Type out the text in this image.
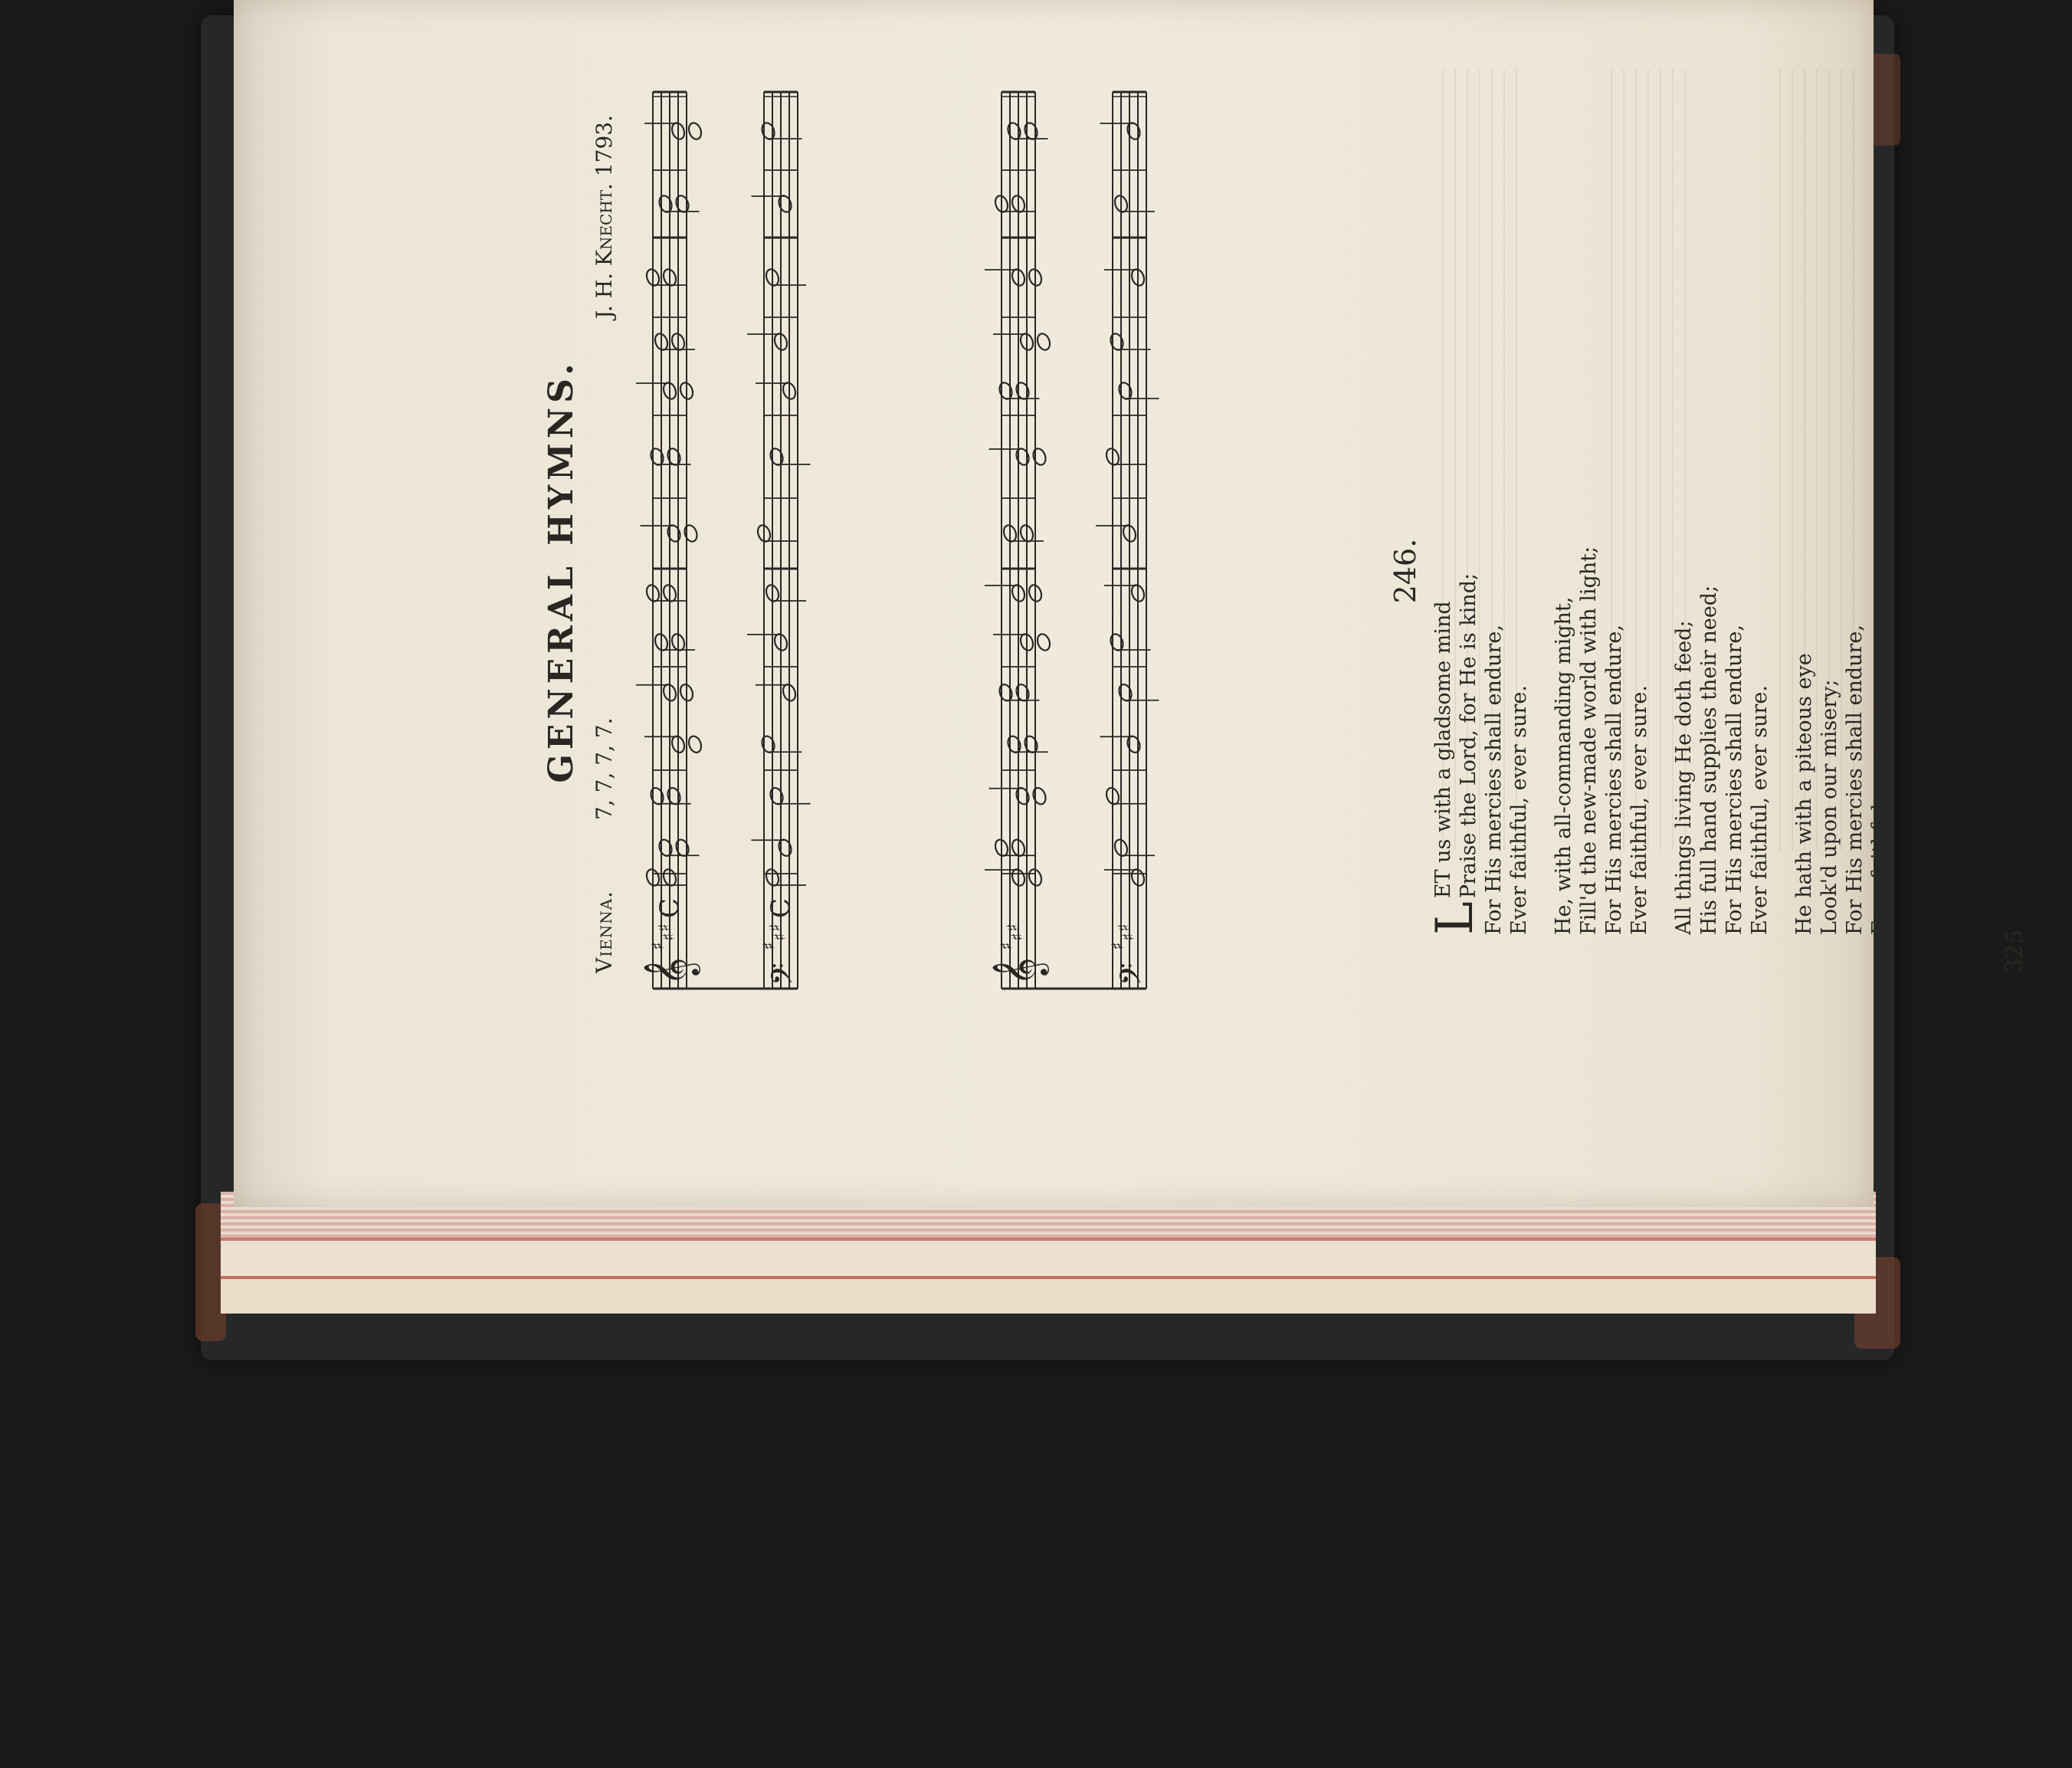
GENERAL HYMNS.
Vienna.
7, 7, 7, 7.
J. H. Knecht. 1793.
𝄞
♯
♯
♯
C
𝄢
♯
♯
♯
C
𝄞
♯
♯
♯
𝄢
♯
♯
♯
246.
L
ET us with a gladsome mind Praise the Lord, for He is kind; For His mercies shall endure, Ever faithful, ever sure. He, with all-commanding might, Fill'd the new-made world with light; For His mercies shall endure, Ever faithful, ever sure. All things living He doth feed; His full hand supplies their need; For His mercies shall endure, Ever faithful, ever sure. He hath with a piteous eye Look'd upon our misery; For His mercies shall endure, Ever faithful, ever sure.
325
